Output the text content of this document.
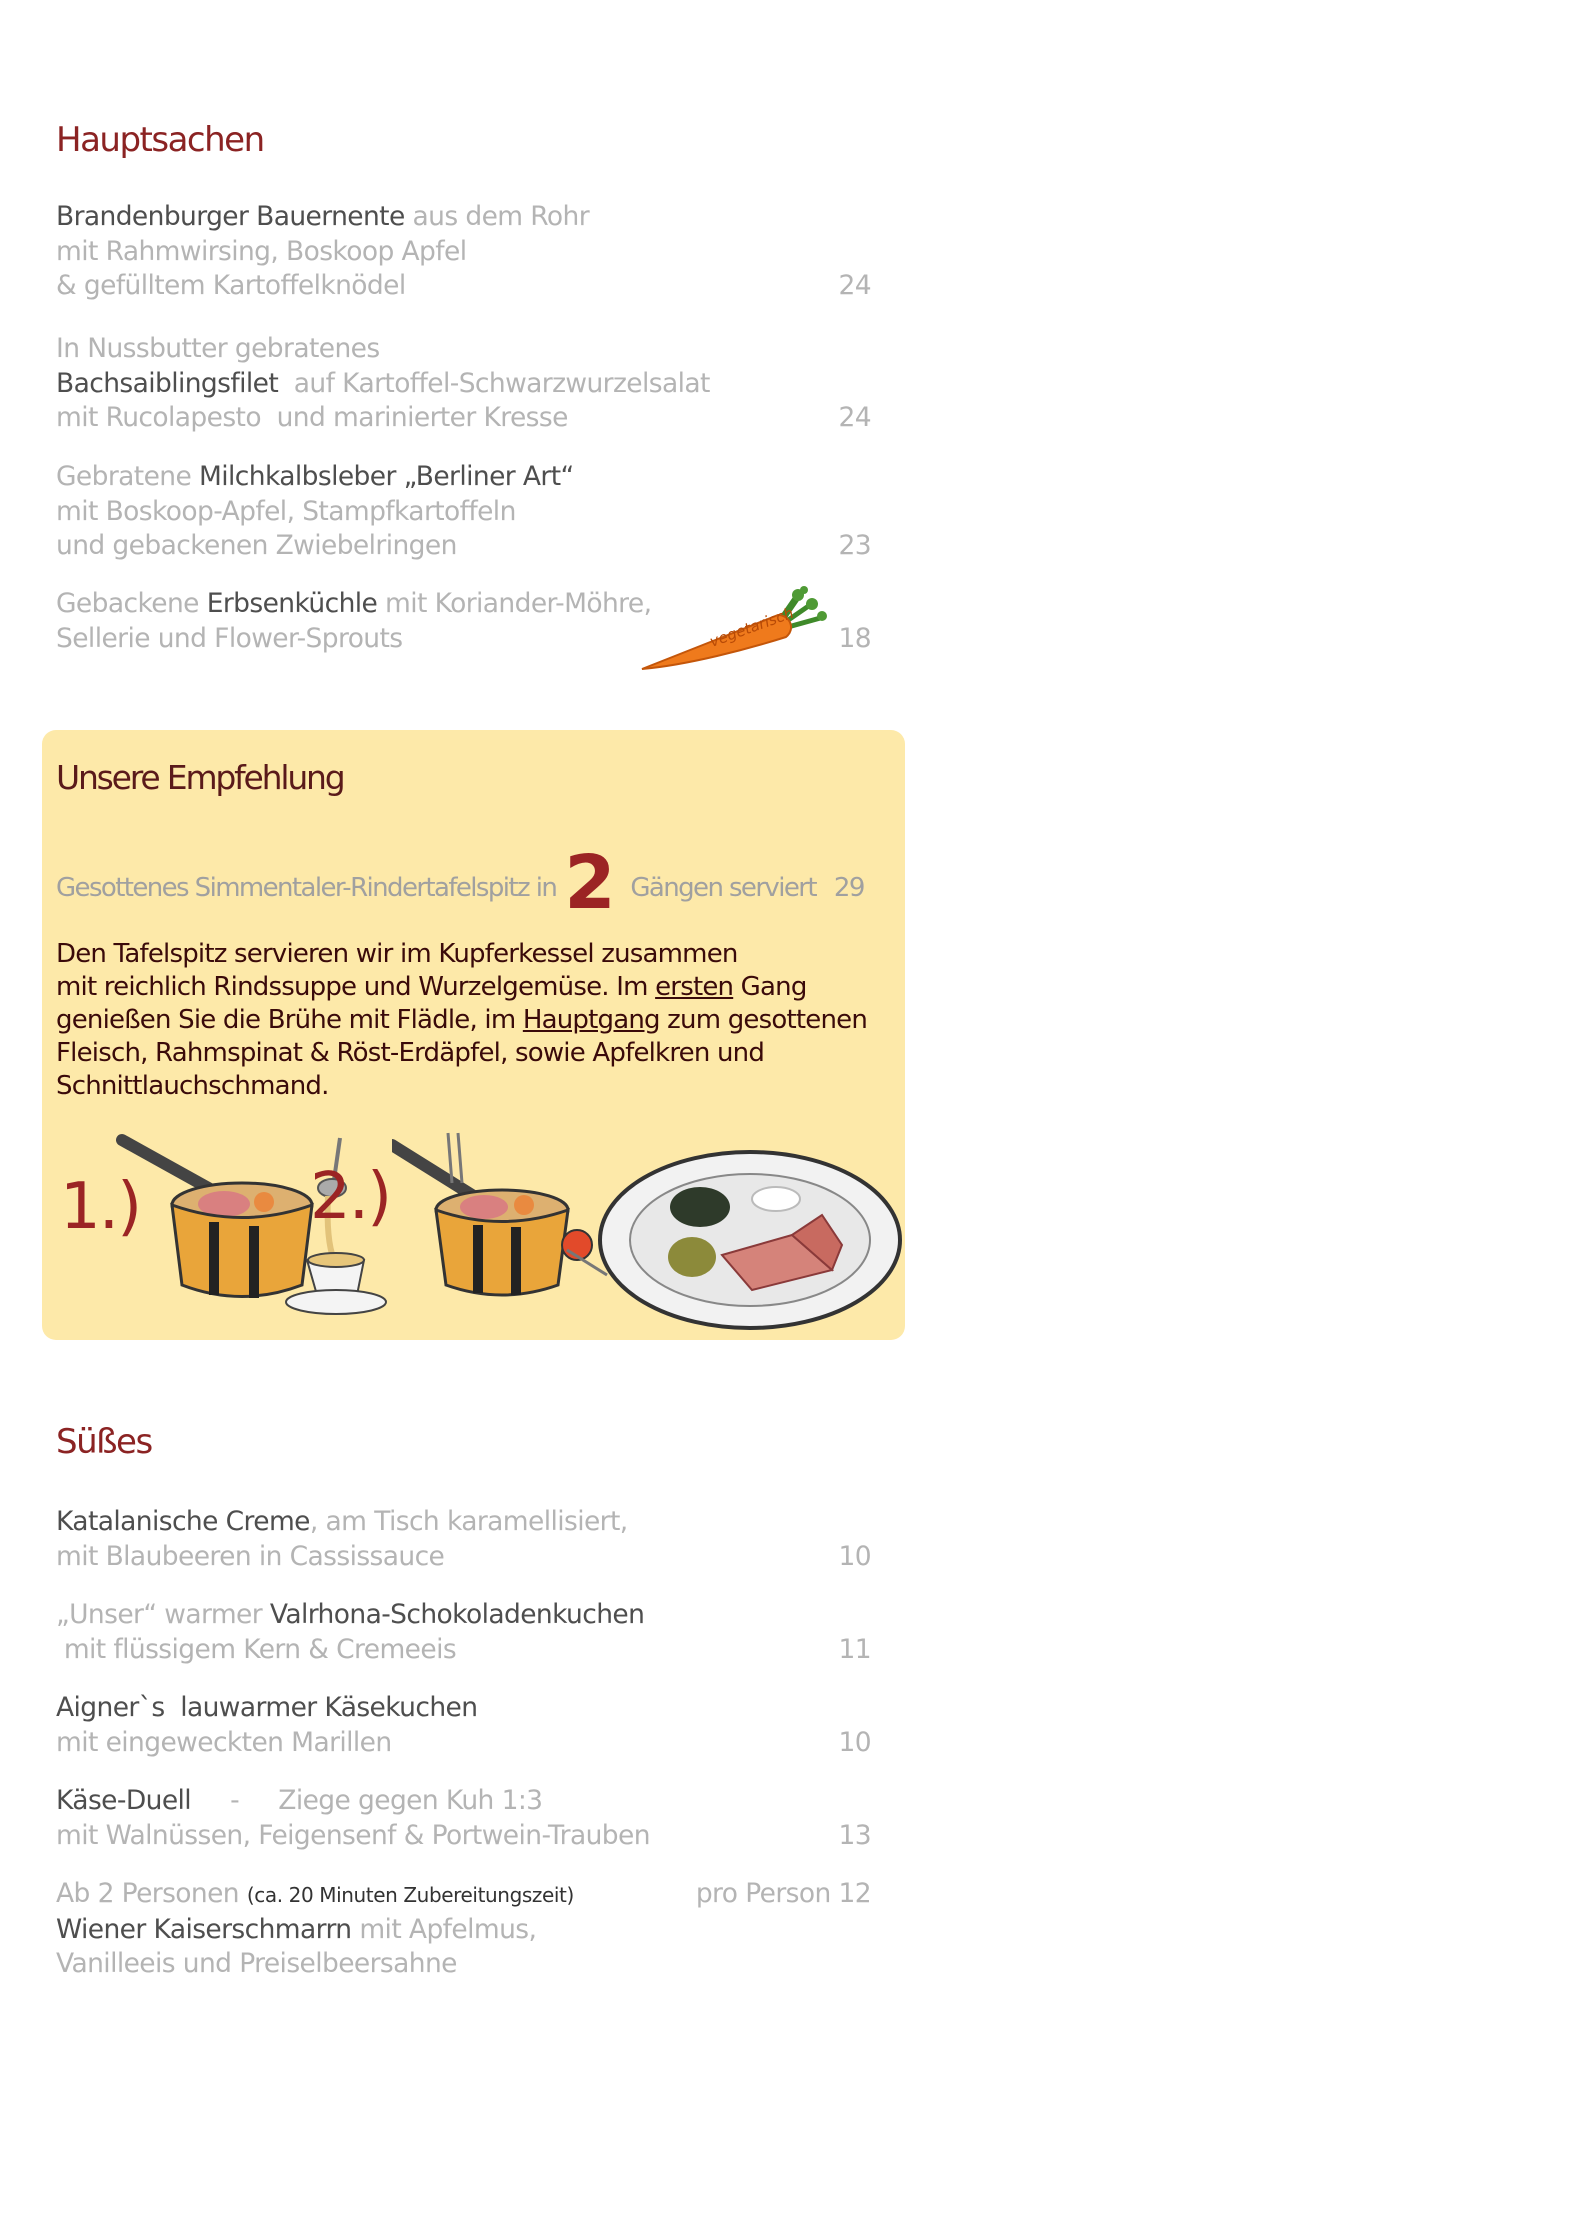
Hauptsachen
Brandenburger Bauernente aus dem Rohr
mit Rahmwirsing, Boskoop Apfel
& gefülltem Kartoffelknödel	24
In Nussbutter gebratenes
Bachsaiblingsfilet  auf Kartoffel-Schwarzwurzelsalat
mit Rucolapesto  und marinierter Kresse	24
Gebratene Milchkalbsleber „Berliner Art“
mit Boskoop-Apfel, Stampfkartoffeln
und gebackenen Zwiebelringen	23
Gebackene Erbsenküchle mit Koriander-Möhre,
Sellerie und Flower-Sprouts	18
vegetarisch
Unsere Empfehlung
Gesottenes Simmentaler-Rindertafelspitz in 2 Gängen serviert 29
Den Tafelspitz servieren wir im Kupferkessel zusammen
mit reichlich Rindssuppe und Wurzelgemüse. Im ersten Gang
genießen Sie die Brühe mit Flädle, im Hauptgang zum gesottenen
Fleisch, Rahmspinat & Röst-Erdäpfel, sowie Apfelkren und
Schnittlauchschmand.
1.)	2.)
Süßes
Katalanische Creme, am Tisch karamellisiert,
mit Blaubeeren in Cassissauce	10
„Unser“ warmer Valrhona-Schokoladenkuchen
mit flüssigem Kern & Cremeeis	11
Aigner`s  lauwarmer Käsekuchen
mit eingeweckten Marillen	10
Käse-Duell     -     Ziege gegen Kuh 1:3
mit Walnüssen, Feigensenf & Portwein-Trauben	13
Ab 2 Personen (ca. 20 Minuten Zubereitungszeit)
Wiener Kaiserschmarrn mit Apfelmus,
Vanilleeis und Preiselbeersahne
pro Person 12
